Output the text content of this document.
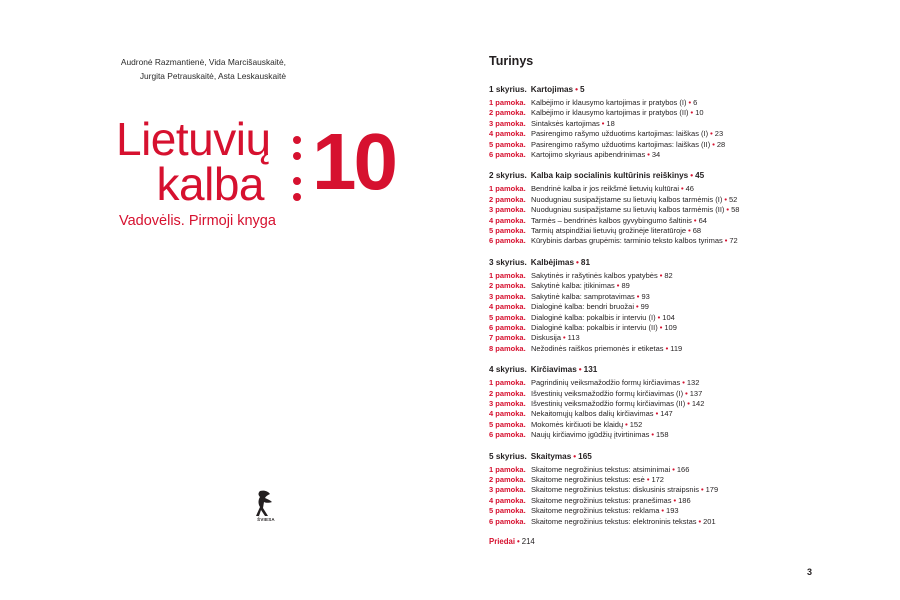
Audronė Razmantienė, Vida Marcišauskaitė,
Jurgita Petrauskaitė, Asta Leskauskaitė
Lietuvių
kalba 10
Vadovėlis. Pirmoji knyga
ŠVIESA
Turinys
1 skyrius. Kartojimas • 5
1 pamoka. Kalbėjimo ir klausymo kartojimas ir pratybos (I) • 6
2 pamoka. Kalbėjimo ir klausymo kartojimas ir pratybos (II) • 10
3 pamoka. Sintaksės kartojimas • 18
4 pamoka. Pasirengimo rašymo užduotims kartojimas: laiškas (I) • 23
5 pamoka. Pasirengimo rašymo užduotims kartojimas: laiškas (II) • 28
6 pamoka. Kartojimo skyriaus apibendrinimas • 34
2 skyrius. Kalba kaip socialinis kultūrinis reiškinys • 45
1 pamoka. Bendrinė kalba ir jos reikšmė lietuvių kultūrai • 46
2 pamoka. Nuodugniau susipažįstame su lietuvių kalbos tarmėmis (I) • 52
3 pamoka. Nuodugniau susipažįstame su lietuvių kalbos tarmėmis (II) • 58
4 pamoka. Tarmės – bendrinės kalbos gyvybingumo šaltinis • 64
5 pamoka. Tarmių atspindžiai lietuvių grožinėje literatūroje • 68
6 pamoka. Kūrybinis darbas grupėmis: tarminio teksto kalbos tyrimas • 72
3 skyrius. Kalbėjimas • 81
1 pamoka. Sakytinės ir rašytinės kalbos ypatybės • 82
2 pamoka. Sakytinė kalba: įtikinimas • 89
3 pamoka. Sakytinė kalba: samprotavimas • 93
4 pamoka. Dialoginė kalba: bendri bruožai • 99
5 pamoka. Dialoginė kalba: pokalbis ir interviu (I) • 104
6 pamoka. Dialoginė kalba: pokalbis ir interviu (II) • 109
7 pamoka. Diskusija • 113
8 pamoka. Nežodinės raiškos priemonės ir etiketas • 119
4 skyrius. Kirčiavimas • 131
1 pamoka. Pagrindinių veiksmažodžio formų kirčiavimas • 132
2 pamoka. Išvestinių veiksmažodžio formų kirčiavimas (I) • 137
3 pamoka. Išvestinių veiksmažodžio formų kirčiavimas (II) • 142
4 pamoka. Nekaitomųjų kalbos dalių kirčiavimas • 147
5 pamoka. Mokomės kirčiuoti be klaidų • 152
6 pamoka. Naujų kirčiavimo įgūdžių įtvirtinimas • 158
5 skyrius. Skaitymas • 165
1 pamoka. Skaitome negrožinius tekstus: atsiminimai • 166
2 pamoka. Skaitome negrožinius tekstus: esė • 172
3 pamoka. Skaitome negrožinius tekstus: diskusinis straipsnis • 179
4 pamoka. Skaitome negrožinius tekstus: pranešimas • 186
5 pamoka. Skaitome negrožinius tekstus: reklama • 193
6 pamoka. Skaitome negrožinius tekstus: elektroninis tekstas • 201
Priedai • 214
3
